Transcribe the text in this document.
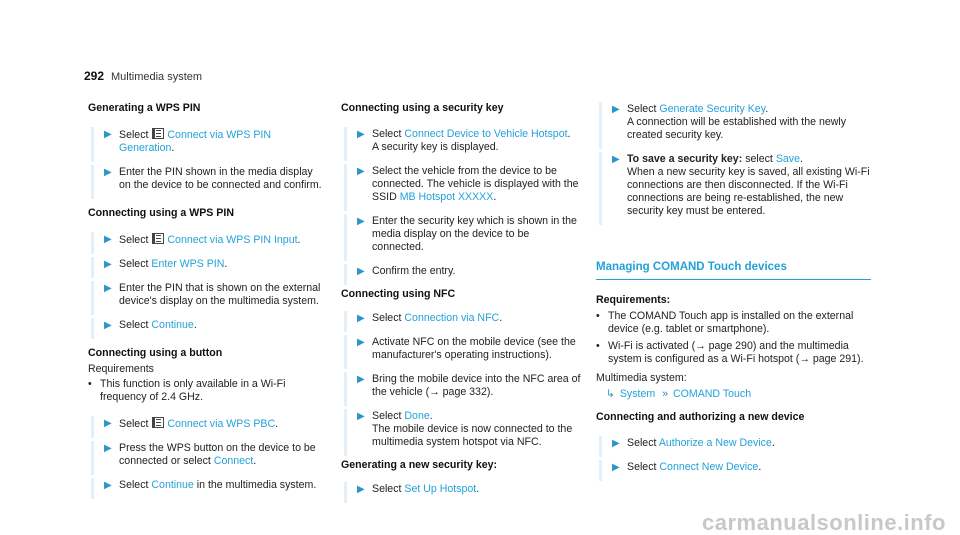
292 Multimedia system
Generating a WPS PIN
▶ Select Connect via WPS PIN Generation.
▶ Enter the PIN shown in the media display on the device to be connected and confirm.
Connecting using a WPS PIN
▶ Select Connect via WPS PIN Input.
▶ Select Enter WPS PIN.
▶ Enter the PIN that is shown on the external device's display on the multimedia system.
▶ Select Continue.
Connecting using a button
Requirements
• This function is only available in a Wi-Fi frequency of 2.4 GHz.
▶ Select Connect via WPS PBC.
▶ Press the WPS button on the device to be connected or select Connect.
▶ Select Continue in the multimedia system.
Connecting using a security key
▶ Select Connect Device to Vehicle Hotspot.
A security key is displayed.
▶ Select the vehicle from the device to be connected. The vehicle is displayed with the SSID MB Hotspot XXXXX.
▶ Enter the security key which is shown in the media display on the device to be connected.
▶ Confirm the entry.
Connecting using NFC
▶ Select Connection via NFC.
▶ Activate NFC on the mobile device (see the manufacturer's operating instructions).
▶ Bring the mobile device into the NFC area of the vehicle (→ page 332).
▶ Select Done.
The mobile device is now connected to the multimedia system hotspot via NFC.
Generating a new security key:
▶ Select Set Up Hotspot.
▶ Select Generate Security Key.
A connection will be established with the newly created security key.
▶ To save a security key: select Save.
When a new security key is saved, all existing Wi-Fi connections are then disconnected. If the Wi-Fi connections are being re-established, the new security key must be entered.
Managing COMAND Touch devices
Requirements:
• The COMAND Touch app is installed on the external device (e.g. tablet or smartphone).
• Wi-Fi is activated (→ page 290) and the multimedia system is configured as a Wi-Fi hotspot (→ page 291).
Multimedia system:
↳ System » COMAND Touch
Connecting and authorizing a new device
▶ Select Authorize a New Device.
▶ Select Connect New Device.
carmanualsonline.info
